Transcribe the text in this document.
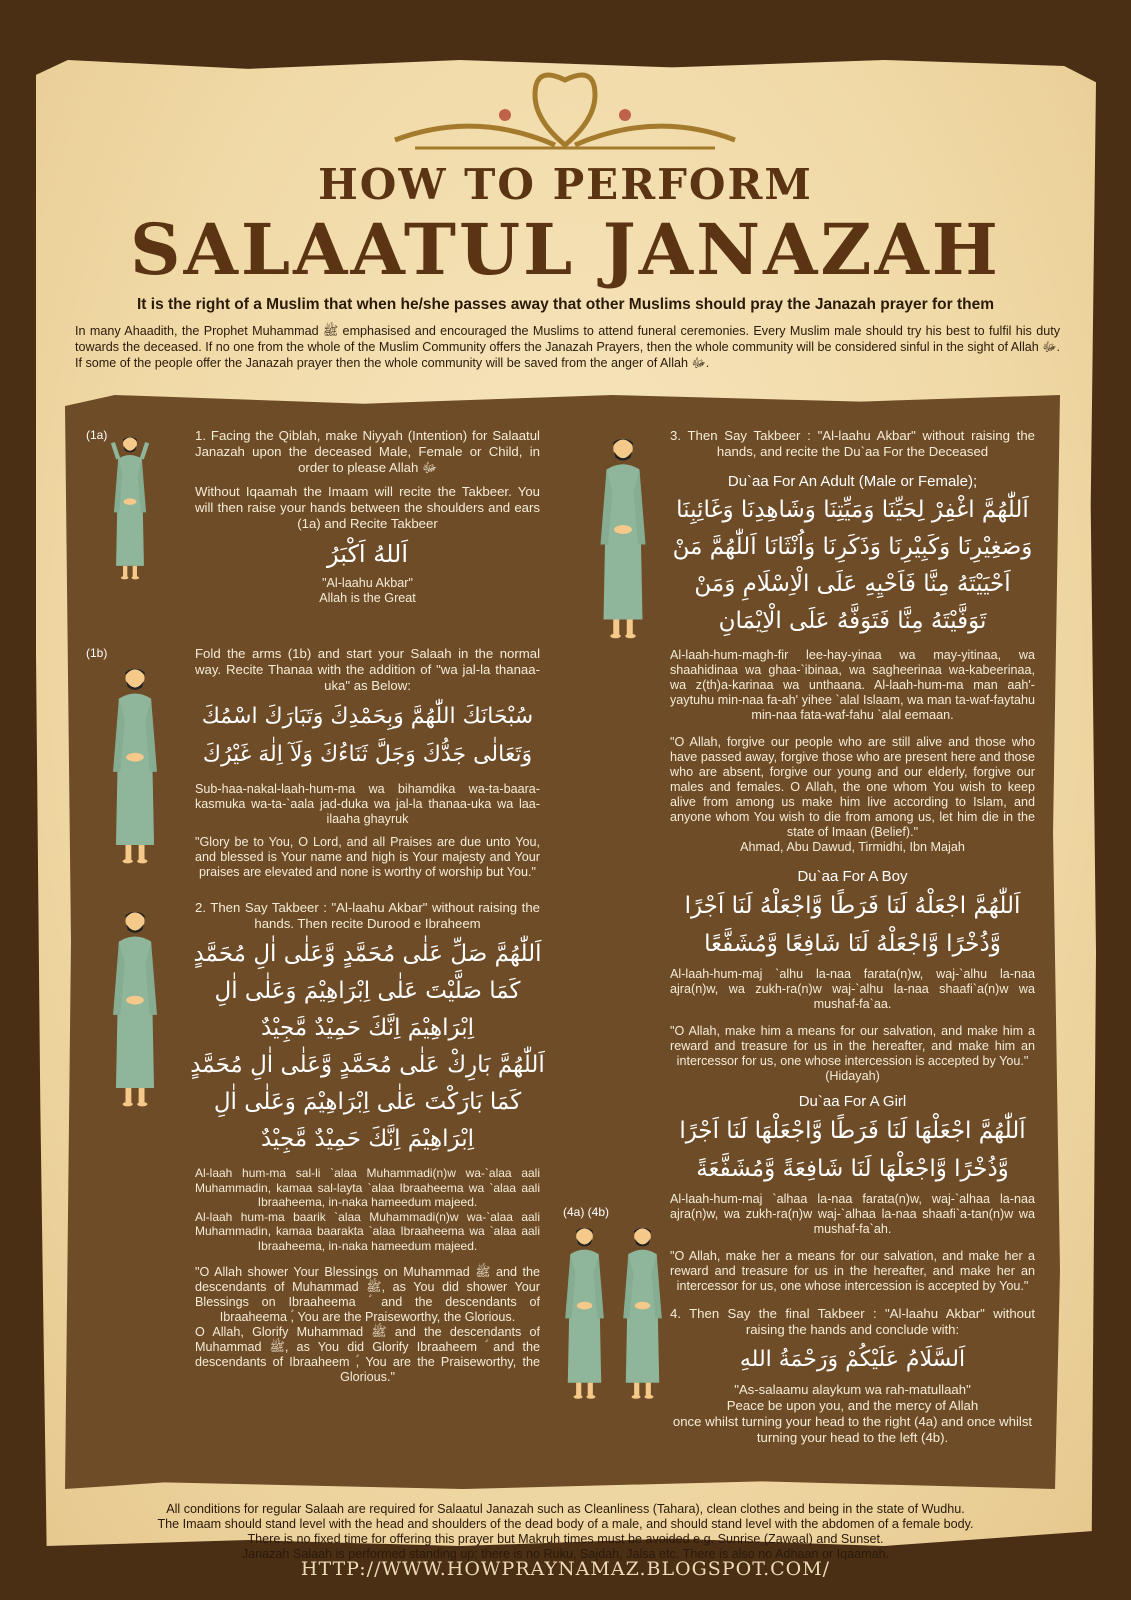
HOW TO PERFORM
SALAATUL JANAZAH
It is the right of a Muslim that when he/she passes away that other Muslims should pray the Janazah prayer for them
In many Ahaadith, the Prophet Muhammad ﷺ emphasised and encouraged the Muslims to attend funeral ceremonies. Every Muslim male should try his best to fulfil his duty towards the deceased. If no one from the whole of the Muslim Community offers the Janazah Prayers, then the whole community will be considered sinful in the sight of Allah ﷻ. If some of the people offer the Janazah prayer then the whole community will be saved from the anger of Allah ﷻ.
(1a)
(1b)
(4a) (4b)
1. Facing the Qiblah, make Niyyah (Intention) for Salaatul Janazah upon the deceased Male, Female or Child, in order to please Allah ﷻ
Without Iqaamah the Imaam will recite the Takbeer. You will then raise your hands between the shoulders and ears (1a) and Recite Takbeer
اَللهُ اَكْبَرُ
"Al-laahu Akbar"
Allah is the Great
Fold the arms (1b) and start your Salaah in the normal way. Recite Thanaa with the addition of "wa jal-la thanaa-uka" as Below:
سُبْحَانَكَ اللّٰهُمَّ وَبِحَمْدِكَ وَتَبَارَكَ اسْمُكَ وَتَعَالٰى جَدُّكَ وَجَلَّ ثَنَاءُكَ وَلَآ اِلٰهَ غَيْرُكَ
Sub-haa-nakal-laah-hum-ma wa bihamdika wa-ta-baara-kasmuka wa-ta-`aala jad-duka wa jal-la thanaa-uka wa laa-ilaaha ghayruk
"Glory be to You, O Lord, and all Praises are due unto You, and blessed is Your name and high is Your majesty and Your praises are elevated and none is worthy of worship but You."
2. Then Say Takbeer : "Al-laahu Akbar" without raising the hands. Then recite Durood e Ibraheem
اَللّٰهُمَّ صَلِّ عَلٰى مُحَمَّدٍ وَّعَلٰى اٰلِ مُحَمَّدٍ كَمَا صَلَّيْتَ عَلٰى اِبْرَاهِيْمَ وَعَلٰى اٰلِ اِبْرَاهِيْمَ اِنَّكَ حَمِيْدٌ مَّجِيْدٌ
اَللّٰهُمَّ بَارِكْ عَلٰى مُحَمَّدٍ وَّعَلٰى اٰلِ مُحَمَّدٍ كَمَا بَارَكْتَ عَلٰى اِبْرَاهِيْمَ وَعَلٰى اٰلِ اِبْرَاهِيْمَ اِنَّكَ حَمِيْدٌ مَّجِيْدٌ
Al-laah hum-ma sal-li `alaa Muhammadi(n)w wa-`alaa aali Muhammadin, kamaa sal-layta `alaa Ibraaheema wa `alaa aali Ibraaheema, in-naka hameedum majeed.
Al-laah hum-ma baarik `alaa Muhammadi(n)w wa-`alaa aali Muhammadin, kamaa baarakta `alaa Ibraaheema wa `alaa aali Ibraaheema, in-naka hameedum majeed.
"O Allah shower Your Blessings on Muhammad ﷺ and the descendants of Muhammad ﷺ, as You did shower Your Blessings on Ibraaheema ؑ and the descendants of Ibraaheema ؑ, You are the Praiseworthy, the Glorious.
O Allah, Glorify Muhammad ﷺ and the descendants of Muhammad ﷺ, as You did Glorify Ibraaheem ؑ and the descendants of Ibraaheem ؑ, You are the Praiseworthy, the Glorious."
3. Then Say Takbeer : "Al-laahu Akbar" without raising the hands, and recite the Du`aa For the Deceased
Du`aa For An Adult (Male or Female);
اَللّٰهُمَّ اغْفِرْ لِحَيِّنَا وَمَيِّتِنَا وَشَاهِدِنَا وَغَائِبِنَا وَصَغِيْرِنَا وَكَبِيْرِنَا وَذَكَرِنَا وَاُنْثَانَا اَللّٰهُمَّ مَنْ اَحْيَيْتَهُ مِنَّا فَاَحْيِهِ عَلَى الْاِسْلَامِ وَمَنْ تَوَفَّيْتَهُ مِنَّا فَتَوَفَّهُ عَلَى الْاِيْمَانِ
Al-laah-hum-magh-fir lee-hay-yinaa wa may-yitinaa, wa shaahidinaa wa ghaa-`ibinaa, wa sagheerinaa wa-kabeerinaa, wa z(th)a-karinaa wa unthaana. Al-laah-hum-ma man aah'-yaytuhu min-naa fa-ah' yihee `alal Islaam, wa man ta-waf-faytahu min-naa fata-waf-fahu `alal eemaan.
"O Allah, forgive our people who are still alive and those who have passed away, forgive those who are present here and those who are absent, forgive our young and our elderly, forgive our males and females. O Allah, the one whom You wish to keep alive from among us make him live according to Islam, and anyone whom You wish to die from among us, let him die in the state of Imaan (Belief)."
Ahmad, Abu Dawud, Tirmidhi, Ibn Majah
Du`aa For A Boy
اَللّٰهُمَّ اجْعَلْهُ لَنَا فَرَطًا وَّاجْعَلْهُ لَنَا اَجْرًا وَّذُخْرًا وَّاجْعَلْهُ لَنَا شَافِعًا وَّمُشَفَّعًا
Al-laah-hum-maj `alhu la-naa farata(n)w, waj-`alhu la-naa ajra(n)w, wa zukh-ra(n)w waj-`alhu la-naa shaafi`a(n)w wa mushaf-fa`aa.
"O Allah, make him a means for our salvation, and make him a reward and treasure for us in the hereafter, and make him an intercessor for us, one whose intercession is accepted by You."
(Hidayah)
Du`aa For A Girl
اَللّٰهُمَّ اجْعَلْهَا لَنَا فَرَطًا وَّاجْعَلْهَا لَنَا اَجْرًا وَّذُخْرًا وَّاجْعَلْهَا لَنَا شَافِعَةً وَّمُشَفَّعَةً
Al-laah-hum-maj `alhaa la-naa farata(n)w, waj-`alhaa la-naa ajra(n)w, wa zukh-ra(n)w waj-`alhaa la-naa shaafi`a-tan(n)w wa mushaf-fa`ah.
"O Allah, make her a means for our salvation, and make her a reward and treasure for us in the hereafter, and make her an intercessor for us, one whose intercession is accepted by You."
4. Then Say the final Takbeer : "Al-laahu Akbar" without raising the hands and conclude with:
اَلسَّلَامُ عَلَيْكُمْ وَرَحْمَةُ اللهِ
"As-salaamu alaykum wa rah-matullaah"
Peace be upon you, and the mercy of Allah
once whilst turning your head to the right (4a) and once whilst turning your head to the left (4b).
All conditions for regular Salaah are required for Salaatul Janazah such as Cleanliness (Tahara), clean clothes and being in the state of Wudhu.
The Imaam should stand level with the head and shoulders of the dead body of a male, and should stand level with the abdomen of a female body.
There is no fixed time for offering this prayer but Makruh times must be avoided e.g. Sunrise (Zawaal) and Sunset.
Janazah Salaah is performed standing up; there is no Ruku, Sajdah, Jalsa etc. There is also no Adhaan or Iqaamah.
HTTP://WWW.HOWPRAYNAMAZ.BLOGSPOT.COM/
